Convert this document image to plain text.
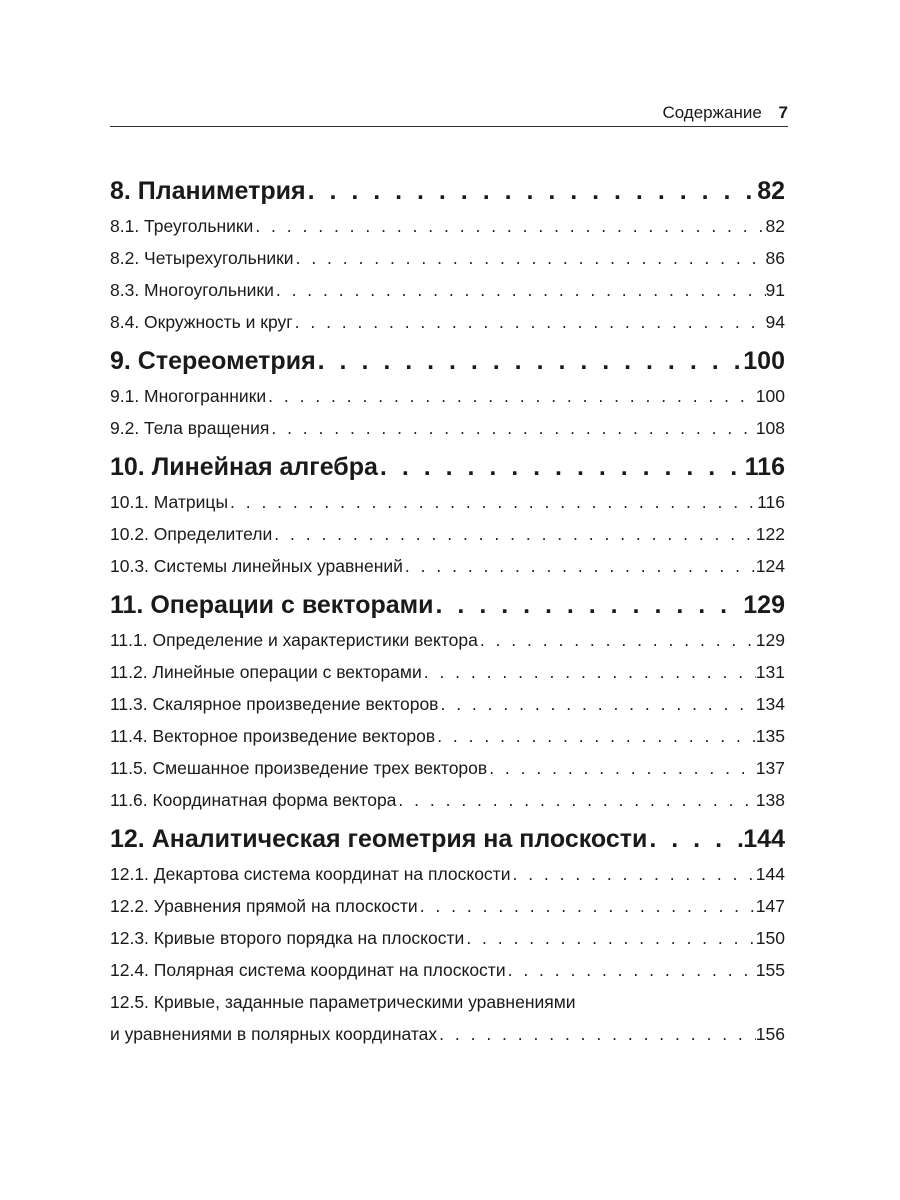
Содержание 7
8. Планиметрия . . .	82
8.1. Треугольники . . .	82
8.2. Четырехугольники . . .	86
8.3. Многоугольники . . .	91
8.4. Окружность и круг . . .	94
9. Стереометрия . . .	100
9.1. Многогранники . . .	100
9.2. Тела вращения . . .	108
10. Линейная алгебра . . .	116
10.1. Матрицы . . .	116
10.2. Определители . . .	122
10.3. Системы линейных уравнений . . .	124
11. Операции с векторами . . .	129
11.1. Определение и характеристики вектора . . .	129
11.2. Линейные операции с векторами . . .	131
11.3. Скалярное произведение векторов . . .	134
11.4. Векторное произведение векторов . . .	135
11.5. Смешанное произведение трех векторов . . .	137
11.6. Координатная форма вектора . . .	138
12. Аналитическая геометрия на плоскости . . .	144
12.1. Декартова система координат на плоскости . . .	144
12.2. Уравнения прямой на плоскости . . .	147
12.3. Кривые второго порядка на плоскости . . .	150
12.4. Полярная система координат на плоскости . . .	155
12.5. Кривые, заданные параметрическими уравнениями
и уравнениями в полярных координатах . . .	156
